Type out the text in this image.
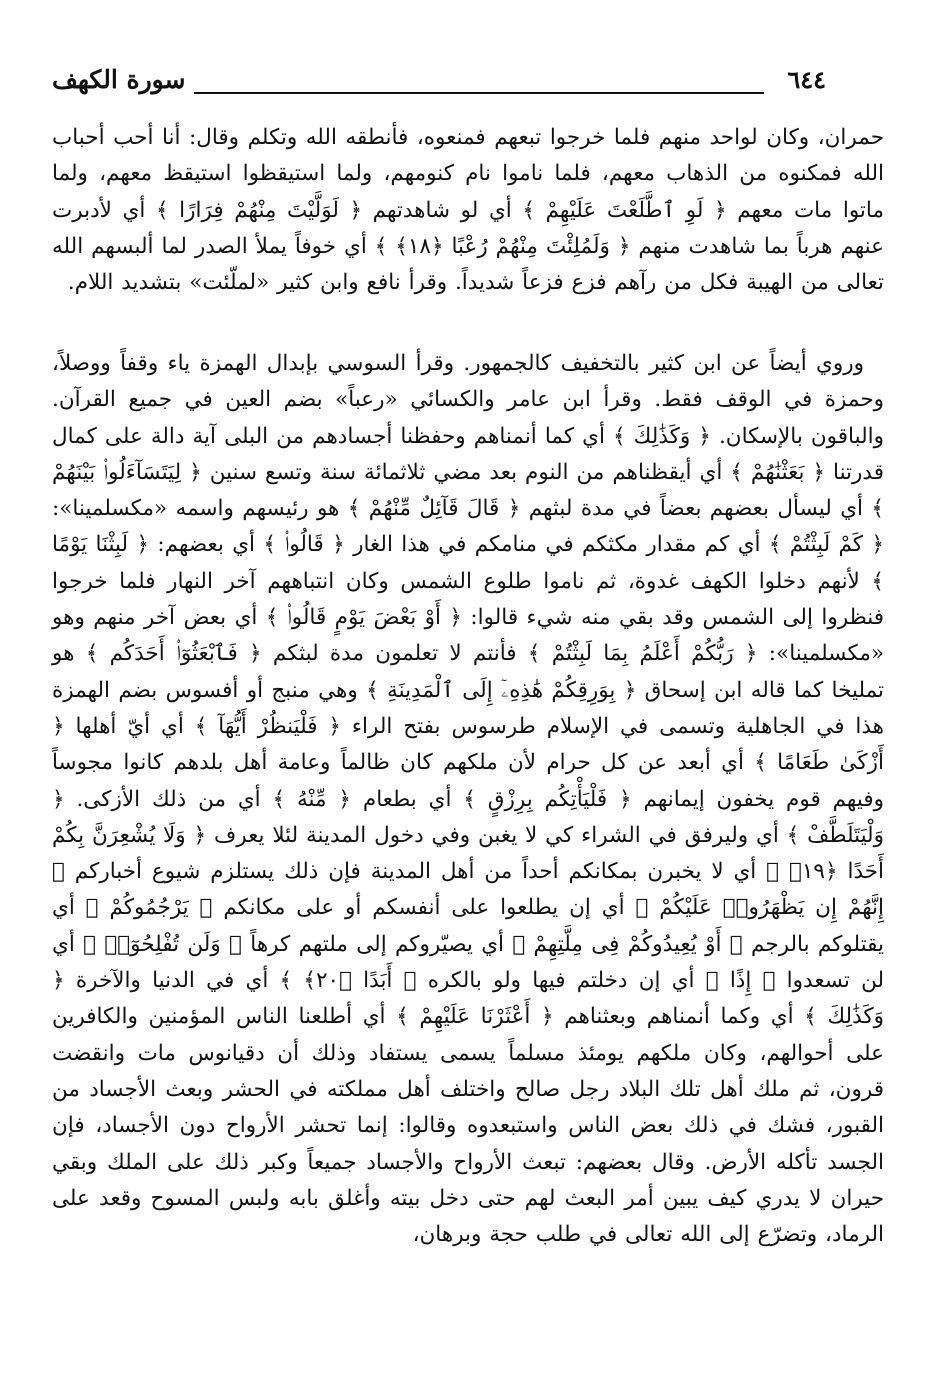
٦٤٤
سورة الكهف

حمران، وكان لواحد منهم فلما خرجوا تبعهم فمنعوه، فأنطقه الله وتكلم وقال: أنا أحب أحباب الله فمكنوه من الذهاب معهم، فلما ناموا نام كنومهم، ولما استيقظوا استيقظ معهم، ولما ماتوا مات معهم ﴿ لَوِ ٱطَّلَعْتَ عَلَيْهِمْ ﴾ أي لو شاهدتهم ﴿ لَوَلَّيْتَ مِنْهُمْ فِرَارًا ﴾ أي لأدبرت عنهم هرباً بما شاهدت منهم ﴿ وَلَمُلِئْتَ مِنْهُمْ رُعْبًا ﴿١٨﴾ ﴾ أي خوفاً يملأ الصدر لما ألبسهم الله تعالى من الهيبة فكل من رآهم فزع فزعاً شديداً. وقرأ نافع وابن كثير «لملّئت» بتشديد اللام.

وروي أيضاً عن ابن كثير بالتخفيف كالجمهور. وقرأ السوسي بإبدال الهمزة ياء وقفاً ووصلاً، وحمزة في الوقف فقط. وقرأ ابن عامر والكسائي «رعباً» بضم العين في جميع القرآن. والباقون بالإسكان. ﴿ وَكَذَٰلِكَ ﴾ أي كما أنمناهم وحفظنا أجسادهم من البلى آية دالة على كمال قدرتنا ﴿ بَعَثْنَٰهُمْ ﴾ أي أيقظناهم من النوم بعد مضي ثلاثمائة سنة وتسع سنين ﴿ لِيَتَسَآءَلُوا۟ بَيْنَهُمْ ﴾ أي ليسأل بعضهم بعضاً في مدة لبثهم ﴿ قَالَ قَآئِلٌ مِّنْهُمْ ﴾ هو رئيسهم واسمه «مكسلمينا»: ﴿ كَمْ لَبِثْتُمْ ﴾ أي كم مقدار مكثكم في منامكم في هذا الغار ﴿ قَالُوا۟ ﴾ أي بعضهم: ﴿ لَبِثْنَا يَوْمًا ﴾ لأنهم دخلوا الكهف غدوة، ثم ناموا طلوع الشمس وكان انتباههم آخر النهار فلما خرجوا فنظروا إلى الشمس وقد بقي منه شيء قالوا: ﴿ أَوْ بَعْضَ يَوْمٍ قَالُوا۟ ﴾ أي بعض آخر منهم وهو «مكسلمينا»: ﴿ رَبُّكُمْ أَعْلَمُ بِمَا لَبِثْتُمْ ﴾ فأنتم لا تعلمون مدة لبثكم ﴿ فَٱبْعَثُوٓا۟ أَحَدَكُم ﴾ هو تمليخا كما قاله ابن إسحاق ﴿ بِوَرِقِكُمْ هَٰذِهِۦٓ إِلَى ٱلْمَدِينَةِ ﴾ وهي منبج أو أفسوس بضم الهمزة هذا في الجاهلية وتسمى في الإسلام طرسوس بفتح الراء ﴿ فَلْيَنظُرْ أَيُّهَآ ﴾ أي أيّ أهلها ﴿ أَزْكَىٰ طَعَامًا ﴾ أي أبعد عن كل حرام لأن ملكهم كان ظالماً وعامة أهل بلدهم كانوا مجوساً وفيهم قوم يخفون إيمانهم ﴿ فَلْيَأْتِكُم بِرِزْقٍ ﴾ أي بطعام ﴿ مِّنْهُ ﴾ أي من ذلك الأزكى. ﴿ وَلْيَتَلَطَّفْ ﴾ أي وليرفق في الشراء كي لا يغبن وفي دخول المدينة لئلا يعرف ﴿ وَلَا يُشْعِرَنَّ بِكُمْ أَحَدًا ﴿١٩﴾ ﴾ أي لا يخبرن بمكانكم أحداً من أهل المدينة فإن ذلك يستلزم شيوع أخباركم ﴿ إِنَّهُمْ إِن يَظْهَرُوا۟ عَلَيْكُمْ ﴾ أي إن يطلعوا على أنفسكم أو على مكانكم ﴿ يَرْجُمُوكُمْ ﴾ أي يقتلوكم بالرجم ﴿ أَوْ يُعِيدُوكُمْ فِى مِلَّتِهِمْ ﴾ أي يصيّروكم إلى ملتهم كرهاً ﴿ وَلَن تُفْلِحُوٓا۟ ﴾ أي لن تسعدوا ﴿ إِذًا ﴾ أي إن دخلتم فيها ولو بالكره ﴿ أَبَدًا ﴿٢٠﴾ ﴾ أي في الدنيا والآخرة ﴿ وَكَذَٰلِكَ ﴾ أي وكما أنمناهم وبعثناهم ﴿ أَعْثَرْنَا عَلَيْهِمْ ﴾ أي أطلعنا الناس المؤمنين والكافرين على أحوالهم، وكان ملكهم يومئذ مسلماً يسمى يستفاد وذلك أن دقيانوس مات وانقضت قرون، ثم ملك أهل تلك البلاد رجل صالح واختلف أهل مملكته في الحشر وبعث الأجساد من القبور، فشك في ذلك بعض الناس واستبعدوه وقالوا: إنما تحشر الأرواح دون الأجساد، فإن الجسد تأكله الأرض. وقال بعضهم: تبعث الأرواح والأجساد جميعاً وكبر ذلك على الملك وبقي حيران لا يدري كيف يبين أمر البعث لهم حتى دخل بيته وأغلق بابه ولبس المسوح وقعد على الرماد، وتضرّع إلى الله تعالى في طلب حجة وبرهان،
